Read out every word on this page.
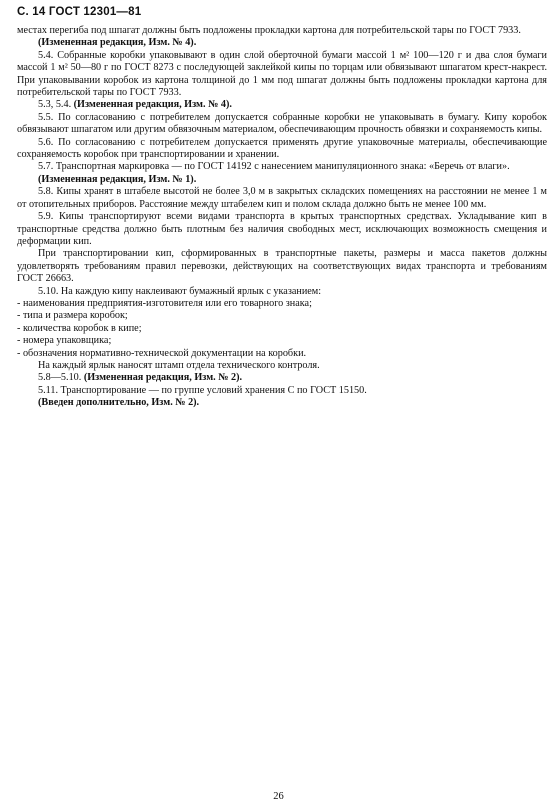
С. 14 ГОСТ 12301—81

местах перегиба под шпагат должны быть подложены прокладки картона для потребительской тары по ГОСТ 7933.

(Измененная редакция, Изм. № 4).

5.4. Собранные коробки упаковывают в один слой оберточной бумаги массой 1 м² 100—120 г и два слоя бумаги массой 1 м² 50—80 г по ГОСТ 8273 с последующей заклейкой кипы по торцам или обвязывают шпагатом крест-накрест. При упаковывании коробок из картона толщиной до 1 мм под шпагат должны быть подложены прокладки картона для потребительской тары по ГОСТ 7933.

5.3, 5.4. (Измененная редакция, Изм. № 4).

5.5. По согласованию с потребителем допускается собранные коробки не упаковывать в бумагу. Кипу коробок обвязывают шпагатом или другим обвязочным материалом, обеспечивающим прочность обвязки и сохраняемость кипы.

5.6. По согласованию с потребителем допускается применять другие упаковочные материалы, обеспечивающие сохраняемость коробок при транспортировании и хранении.

5.7. Транспортная маркировка — по ГОСТ 14192 с нанесением манипуляционного знака: «Беречь от влаги».

(Измененная редакция, Изм. № 1).

5.8. Кипы хранят в штабеле высотой не более 3,0 м в закрытых складских помещениях на расстоянии не менее 1 м от отопительных приборов. Расстояние между штабелем кип и полом склада должно быть не менее 100 мм.

5.9. Кипы транспортируют всеми видами транспорта в крытых транспортных средствах. Укладывание кип в транспортные средства должно быть плотным без наличия свободных мест, исключающих возможность смещения и деформации кип.

При транспортировании кип, сформированных в транспортные пакеты, размеры и масса пакетов должны удовлетворять требованиям правил перевозки, действующих на соответствующих видах транспорта и требованиям ГОСТ 26663.

5.10. На каждую кипу наклеивают бумажный ярлык с указанием:

- наименования предприятия-изготовителя или его товарного знака;

- типа и размера коробок;

- количества коробок в кипе;

- номера упаковщика;

- обозначения нормативно-технической документации на коробки.

На каждый ярлык наносят штамп отдела технического контроля.

5.8—5.10. (Измененная редакция, Изм. № 2).

5.11. Транспортирование — по группе условий хранения С по ГОСТ 15150.

(Введен дополнительно, Изм. № 2).

26
